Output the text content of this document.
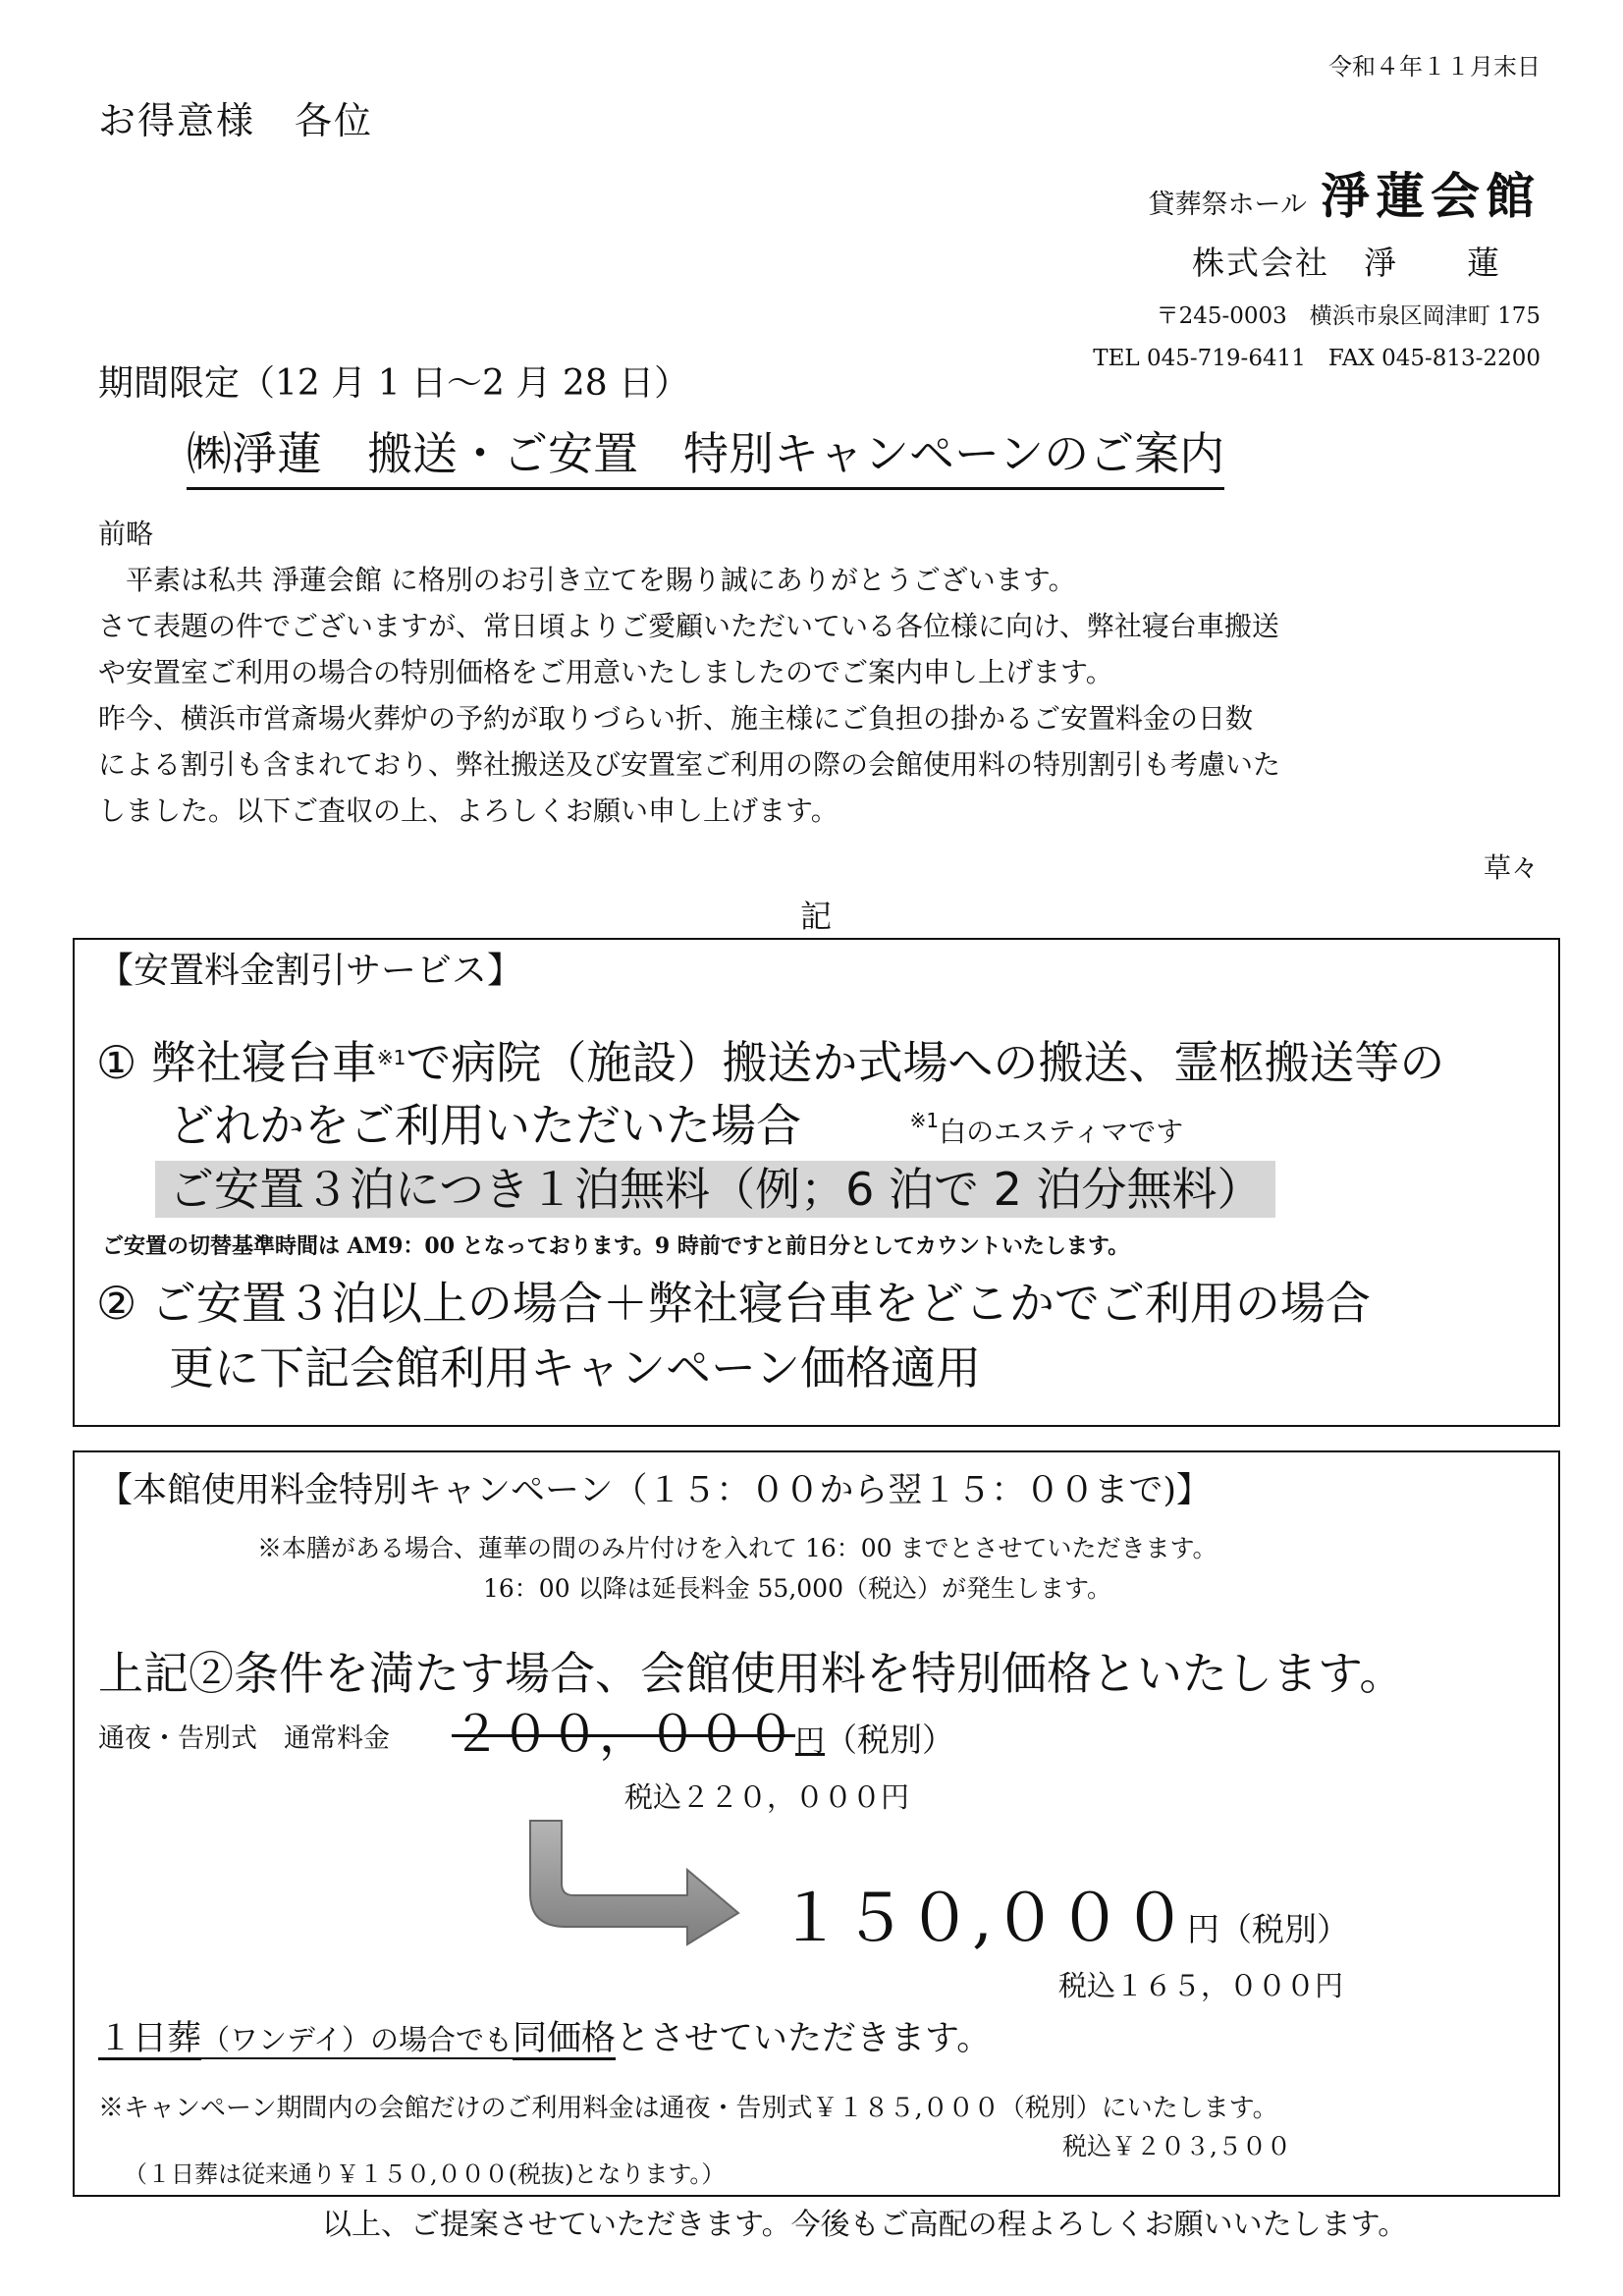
令和４年１１月末日
お得意様　各位
貸葬祭ホール 淨蓮会館
株式会社　淨　　蓮
〒245-0003　横浜市泉区岡津町 175
TEL 045-719-6411　FAX 045-813-2200
期間限定（12 月 1 日～2 月 28 日）
㈱淨蓮　搬送・ご安置　特別キャンペーンのご案内
前略
　平素は私共 淨蓮会館 に格別のお引き立てを賜り誠にありがとうございます。
さて表題の件でございますが、常日頃よりご愛顧いただいている各位様に向け、弊社寝台車搬送
や安置室ご利用の場合の特別価格をご用意いたしましたのでご案内申し上げます。
昨今、横浜市営斎場火葬炉の予約が取りづらい折、施主様にご負担の掛かるご安置料金の日数
による割引も含まれており、弊社搬送及び安置室ご利用の際の会館使用料の特別割引も考慮いた
しました。以下ご査収の上、よろしくお願い申し上げます。
草々
記
【安置料金割引サービス】
① 弊社寝台車$^{※1}$で病院（施設）搬送か式場への搬送、霊柩搬送等の
どれかをご利用いただいた場合	$^{※1}$白のエスティマです
ご安置３泊につき１泊無料（例；6 泊で 2 泊分無料）
ご安置の切替基準時間は AM9：00 となっております。9 時前ですと前日分としてカウントいたします。
② ご安置３泊以上の場合＋弊社寝台車をどこかでご利用の場合
更に下記会館利用キャンペーン価格適用
【本館使用料金特別キャンペーン（１５：００から翌１５：００まで)】
※本膳がある場合、蓮華の間のみ片付けを入れて 16：00 までとさせていただきます。
16：00 以降は延長料金 55,000（税込）が発生します。
上記②条件を満たす場合、会館使用料を特別価格といたします。
通夜・告別式　通常料金 ２００，０００円（税別）
税込２２０，０００円
１５０,０００円（税別）
税込１６５，０００円
１日葬（ワンデイ）の場合でも同価格とさせていただきます。
※キャンペーン期間内の会館だけのご利用料金は通夜・告別式￥１８５,０００（税別）にいたします。
税込￥２０３,５００
（１日葬は従来通り￥１５０,０００(税抜)となります。）
以上、ご提案させていただきます。今後もご高配の程よろしくお願いいたします。
